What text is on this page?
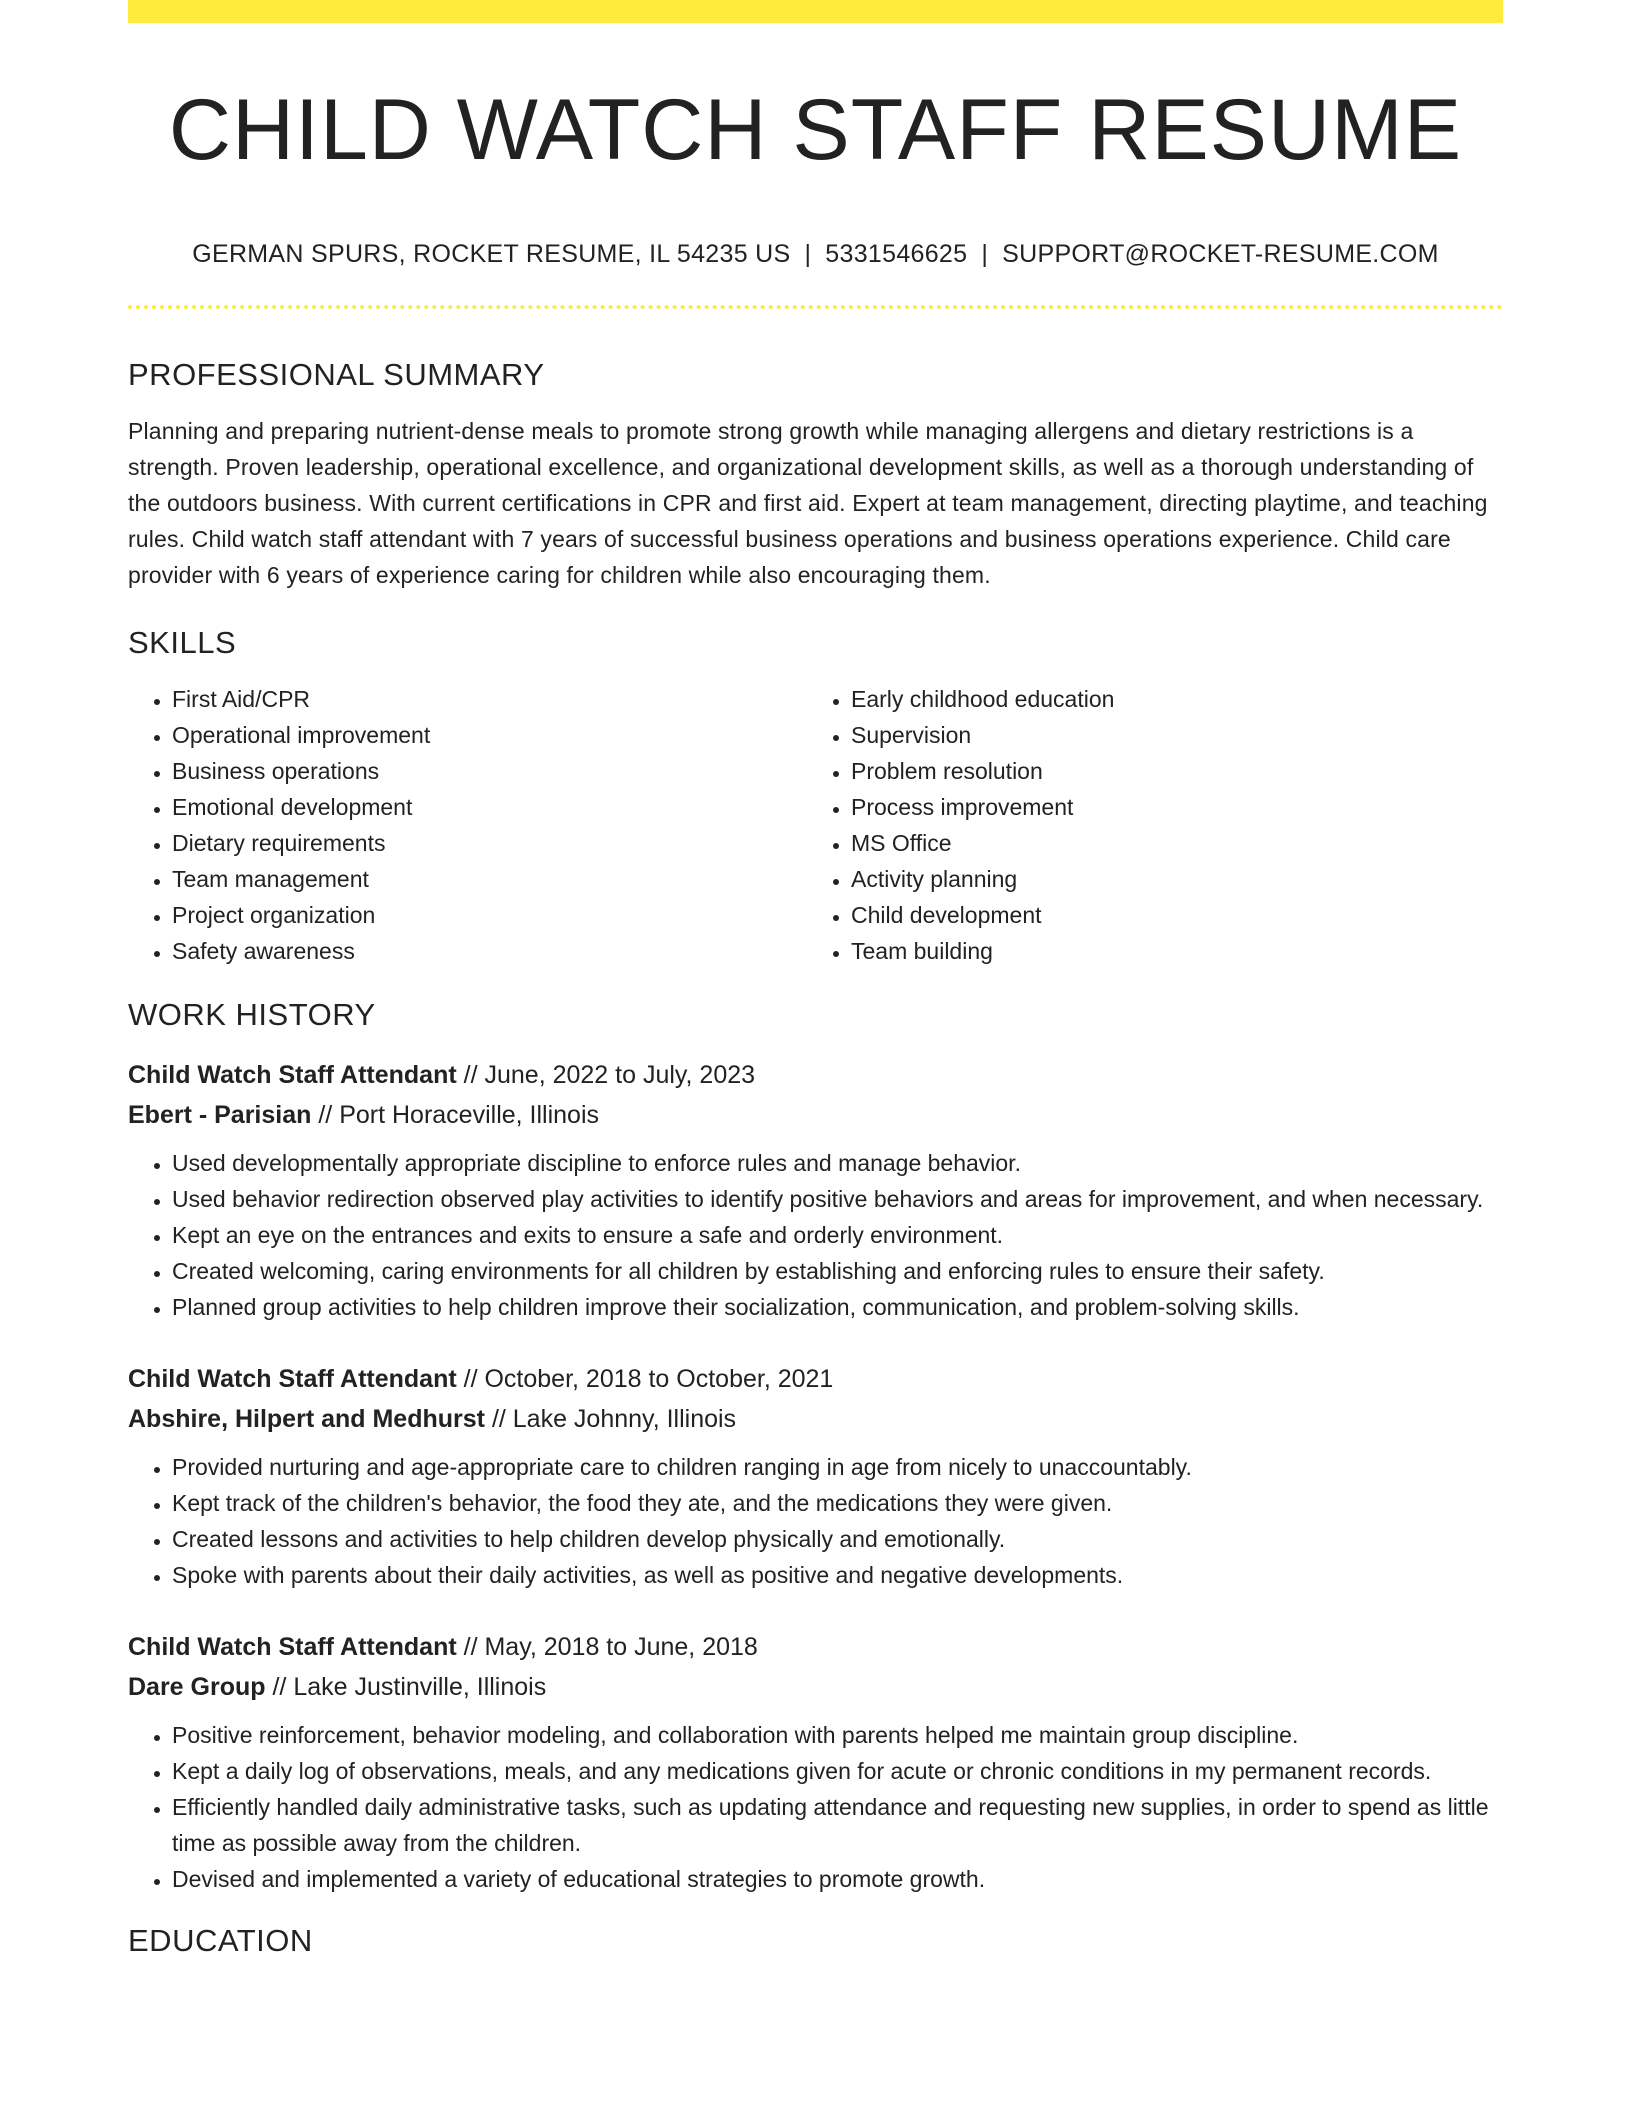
CHILD WATCH STAFF RESUME
GERMAN SPURS, ROCKET RESUME, IL 54235 US | 5331546625 | SUPPORT@ROCKET-RESUME.COM
PROFESSIONAL SUMMARY

Planning and preparing nutrient-dense meals to promote strong growth while managing allergens and dietary restrictions is a strength. Proven leadership, operational excellence, and organizational development skills, as well as a thorough understanding of the outdoors business. With current certifications in CPR and first aid. Expert at team management, directing playtime, and teaching rules. Child watch staff attendant with 7 years of successful business operations and business operations experience. Child care provider with 6 years of experience caring for children while also encouraging them.

SKILLS
• First Aid/CPR
• Operational improvement
• Business operations
• Emotional development
• Dietary requirements
• Team management
• Project organization
• Safety awareness
• Early childhood education
• Supervision
• Problem resolution
• Process improvement
• MS Office
• Activity planning
• Child development
• Team building
WORK HISTORY
Child Watch Staff Attendant // June, 2022 to July, 2023
Ebert - Parisian // Port Horaceville, Illinois
• Used developmentally appropriate discipline to enforce rules and manage behavior.
• Used behavior redirection observed play activities to identify positive behaviors and areas for improvement, and when necessary.
• Kept an eye on the entrances and exits to ensure a safe and orderly environment.
• Created welcoming, caring environments for all children by establishing and enforcing rules to ensure their safety.
• Planned group activities to help children improve their socialization, communication, and problem-solving skills.
Child Watch Staff Attendant // October, 2018 to October, 2021
Abshire, Hilpert and Medhurst // Lake Johnny, Illinois
• Provided nurturing and age-appropriate care to children ranging in age from nicely to unaccountably.
• Kept track of the children's behavior, the food they ate, and the medications they were given.
• Created lessons and activities to help children develop physically and emotionally.
• Spoke with parents about their daily activities, as well as positive and negative developments.
Child Watch Staff Attendant // May, 2018 to June, 2018
Dare Group // Lake Justinville, Illinois
• Positive reinforcement, behavior modeling, and collaboration with parents helped me maintain group discipline.
• Kept a daily log of observations, meals, and any medications given for acute or chronic conditions in my permanent records.
• Efficiently handled daily administrative tasks, such as updating attendance and requesting new supplies, in order to spend as little time as possible away from the children.
• Devised and implemented a variety of educational strategies to promote growth.
EDUCATION
